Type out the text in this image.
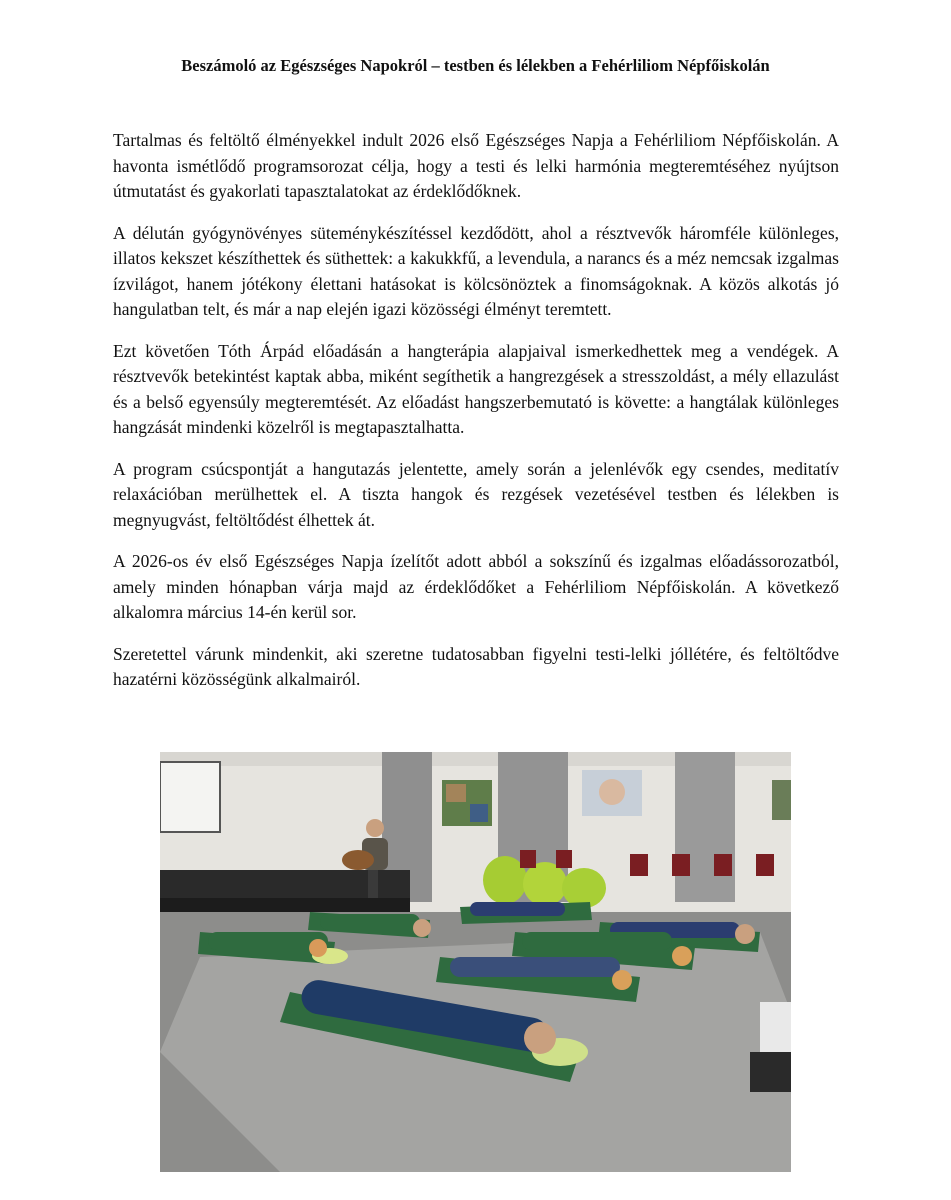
Beszámoló az Egészséges Napokról – testben és lélekben a Fehérliliom Népfőiskolán

Tartalmas és feltöltő élményekkel indult 2026 első Egészséges Napja a Fehérliliom Népfőiskolán. A havonta ismétlődő programsorozat célja, hogy a testi és lelki harmónia megteremtéséhez nyújtson útmutatást és gyakorlati tapasztalatokat az érdeklődőknek.

A délután gyógynövényes süteménykészítéssel kezdődött, ahol a résztvevők háromféle különleges, illatos kekszet készíthettek és süthettek: a kakukkfű, a levendula, a narancs és a méz nemcsak izgalmas ízvilágot, hanem jótékony élettani hatásokat is kölcsönöztek a finomságoknak. A közös alkotás jó hangulatban telt, és már a nap elején igazi közösségi élményt teremtett.

Ezt követően Tóth Árpád előadásán a hangterápia alapjaival ismerkedhettek meg a vendégek. A résztvevők betekintést kaptak abba, miként segíthetik a hangrezgések a stresszoldást, a mély ellazulást és a belső egyensúly megteremtését. Az előadást hangszerbemutató is követte: a hangtálak különleges hangzását mindenki közelről is megtapasztalhatta.

A program csúcspontját a hangutazás jelentette, amely során a jelenlévők egy csendes, meditatív relaxációban merülhettek el. A tiszta hangok és rezgések vezetésével testben és lélekben is megnyugvást, feltöltődést élhettek át.

A 2026-os év első Egészséges Napja ízelítőt adott abból a sokszínű és izgalmas előadássorozatból, amely minden hónapban várja majd az érdeklődőket a Fehérliliom Népfőiskolán. A következő alkalomra március 14-én kerül sor.

Szeretettel várunk mindenkit, aki szeretne tudatosabban figyelni testi-lelki jóllétére, és feltöltődve hazatérni közösségünk alkalmairól.
